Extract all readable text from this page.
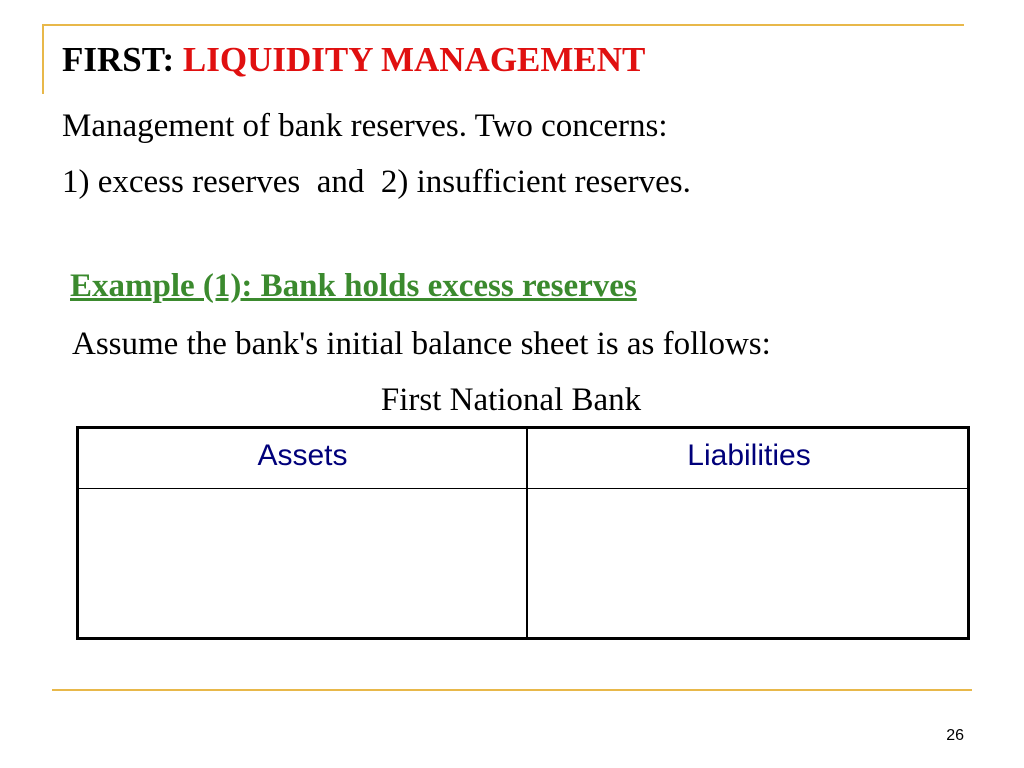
FIRST: LIQUIDITY MANAGEMENT
Management of bank reserves. Two concerns:
1) excess reserves  and  2) insufficient reserves.
Example (1): Bank holds excess reserves
Assume the bank's initial balance sheet is as follows:
First National Bank
Assets	Liabilities
26
